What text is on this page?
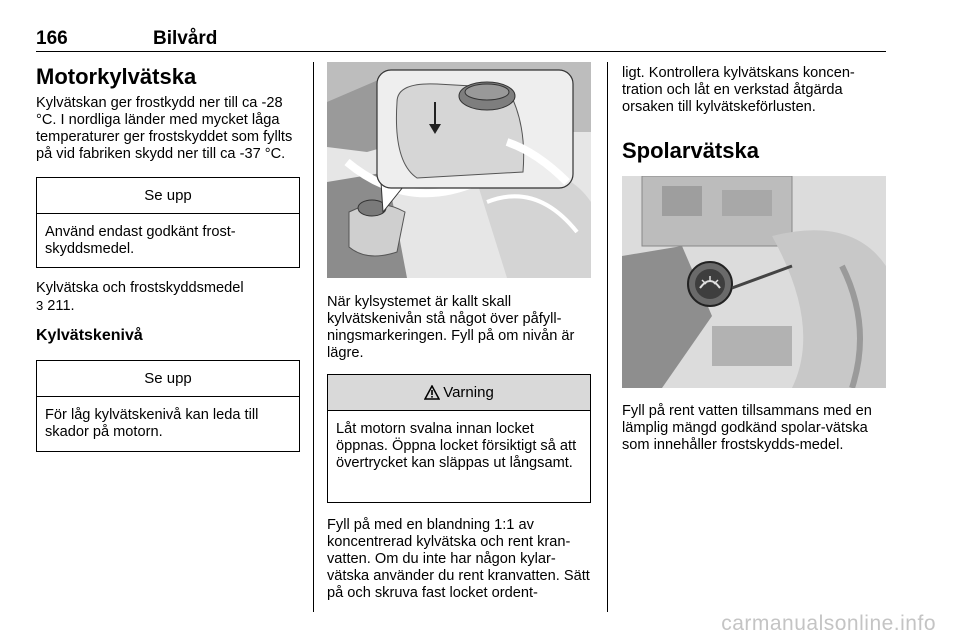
166	Bilvård
Motorkylvätska

Kylvätskan ger frostkydd ner till ca -28 °C. I nordliga länder med mycket låga temperaturer ger frostskyddet som fyllts på vid fabriken skydd ner till ca -37 °C.

Se upp
Använd endast godkänt frost-skyddsmedel.

Kylvätska och frostskyddsmedel
3 211.

Kylvätskenivå
Se upp
För låg kylvätskenivå kan leda till skador på motorn.

När kylsystemet är kallt skall kylvätskenivån stå något över påfyll-ningsmarkeringen. Fyll på om nivån är lägre.

Varning
Låt motorn svalna innan locket öppnas. Öppna locket försiktigt så att övertrycket kan släppas ut långsamt.

Fyll på med en blandning 1:1 av koncentrerad kylvätska och rent kran-vatten. Om du inte har någon kylar-vätska använder du rent kranvatten. Sätt på och skruva fast locket ordent-

ligt. Kontrollera kylvätskans koncen-tration och låt en verkstad åtgärda orsaken till kylvätskeförlusten.

Spolarvätska

Fyll på rent vatten tillsammans med en lämplig mängd godkänd spolar-vätska som innehåller frostskydds-medel.

carmanualsonline.info
